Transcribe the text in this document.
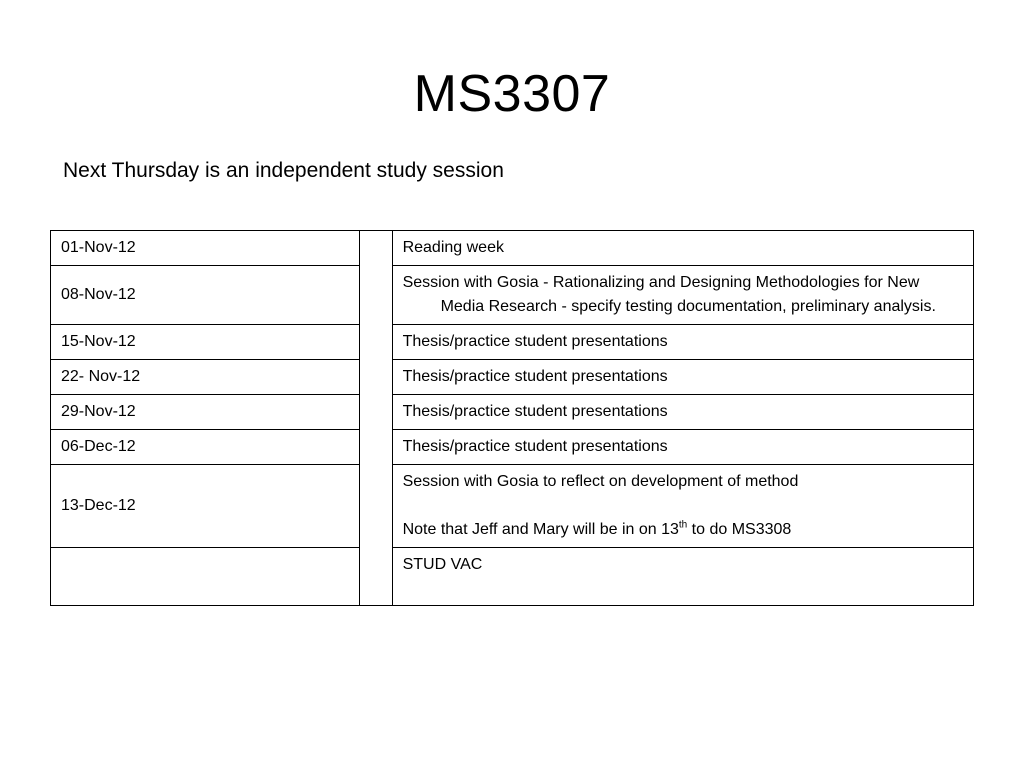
MS3307
Next Thursday is an independent study session
01-Nov-12		Reading week
08-Nov-12		Session with Gosia - Rationalizing and Designing Methodologies for New Media Research - specify testing documentation, preliminary analysis.

15-Nov-12		Thesis/practice student presentations
22- Nov-12		Thesis/practice student presentations
29-Nov-12		Thesis/practice student presentations
06-Dec-12		Thesis/practice student presentations
13-Dec-12		Session with Gosia to reflect on development of method
Note that Jeff and Mary will be in on 13th to do MS3308

		STUD VAC
